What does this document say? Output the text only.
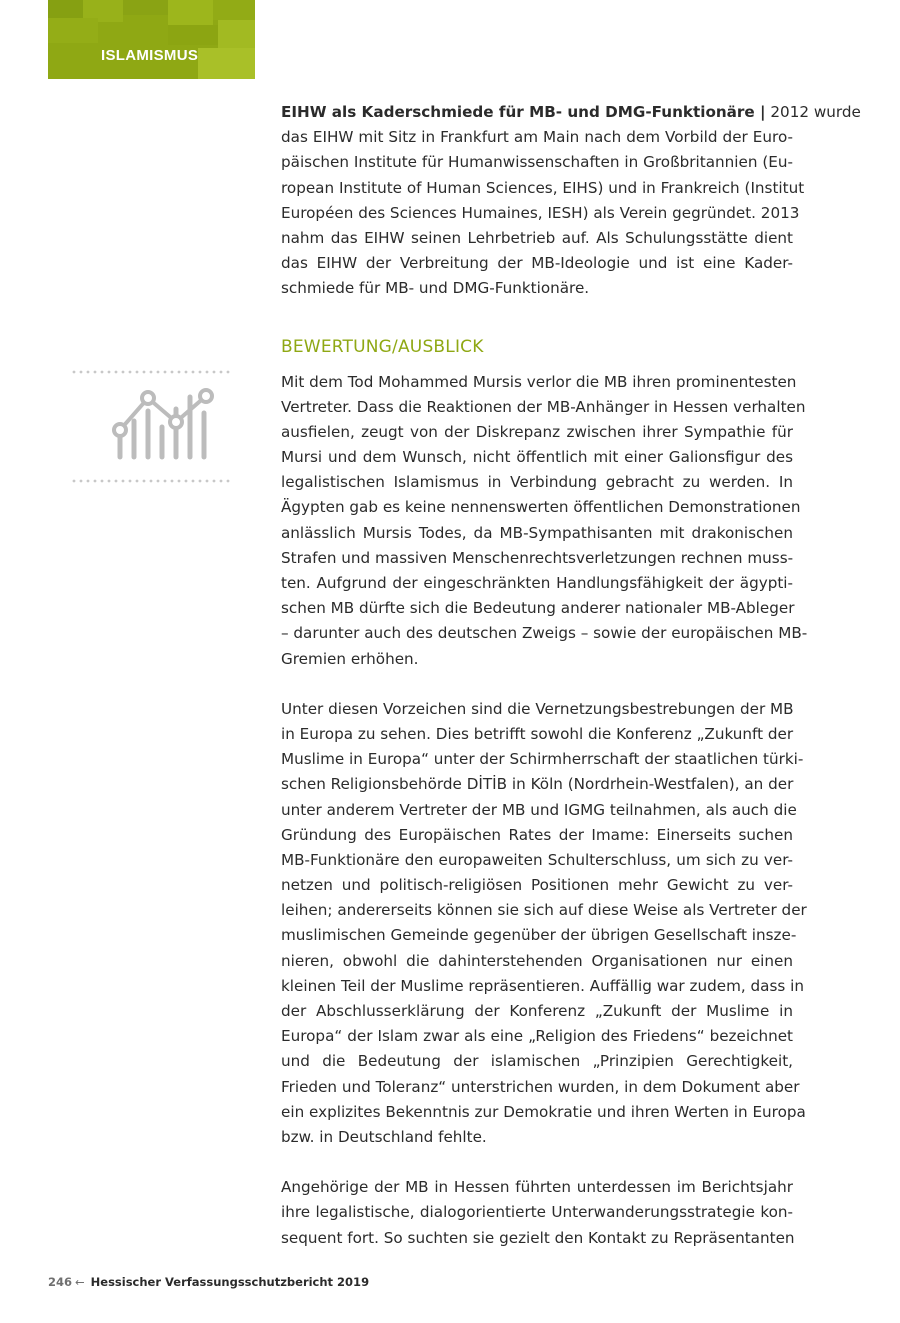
ISLAMISMUS
EIHW als Kaderschmiede für MB- und DMG-Funktionäre | 2012 wurde
das EIHW mit Sitz in Frankfurt am Main nach dem Vorbild der Euro-
päischen Institute für Humanwissenschaften in Großbritannien (Eu-
ropean Institute of Human Sciences, EIHS) und in Frankreich (Institut
Européen des Sciences Humaines, IESH) als Verein gegründet. 2013
nahm das EIHW seinen Lehrbetrieb auf. Als Schulungsstätte dient
das EIHW der Verbreitung der MB-Ideologie und ist eine Kader-
schmiede für MB- und DMG-Funktionäre.
BEWERTUNG/AUSBLICK
Mit dem Tod Mohammed Mursis verlor die MB ihren prominentesten
Vertreter. Dass die Reaktionen der MB-Anhänger in Hessen verhalten
ausfielen, zeugt von der Diskrepanz zwischen ihrer Sympathie für
Mursi und dem Wunsch, nicht öffentlich mit einer Galionsfigur des
legalistischen Islamismus in Verbindung gebracht zu werden. In
Ägypten gab es keine nennenswerten öffentlichen Demonstrationen
anlässlich Mursis Todes, da MB-Sympathisanten mit drakonischen
Strafen und massiven Menschenrechtsverletzungen rechnen muss-
ten. Aufgrund der eingeschränkten Handlungsfähigkeit der ägypti-
schen MB dürfte sich die Bedeutung anderer nationaler MB-Ableger
– darunter auch des deutschen Zweigs – sowie der europäischen MB-
Gremien erhöhen.
Unter diesen Vorzeichen sind die Vernetzungsbestrebungen der MB
in Europa zu sehen. Dies betrifft sowohl die Konferenz „Zukunft der
Muslime in Europa“ unter der Schirmherrschaft der staatlichen türki-
schen Religionsbehörde DİTİB in Köln (Nordrhein-Westfalen), an der
unter anderem Vertreter der MB und IGMG teilnahmen, als auch die
Gründung des Europäischen Rates der Imame: Einerseits suchen
MB-Funktionäre den europaweiten Schulterschluss, um sich zu ver-
netzen und politisch-religiösen Positionen mehr Gewicht zu ver-
leihen; andererseits können sie sich auf diese Weise als Vertreter der
muslimischen Gemeinde gegenüber der übrigen Gesellschaft insze-
nieren, obwohl die dahinterstehenden Organisationen nur einen
kleinen Teil der Muslime repräsentieren. Auffällig war zudem, dass in
der Abschlusserklärung der Konferenz „Zukunft der Muslime in
Europa“ der Islam zwar als eine „Religion des Friedens“ bezeichnet
und die Bedeutung der islamischen „Prinzipien Gerechtigkeit,
Frieden und Toleranz“ unterstrichen wurden, in dem Dokument aber
ein explizites Bekenntnis zur Demokratie und ihren Werten in Europa
bzw. in Deutschland fehlte.
Angehörige der MB in Hessen führten unterdessen im Berichtsjahr
ihre legalistische, dialogorientierte Unterwanderungsstrategie kon-
sequent fort. So suchten sie gezielt den Kontakt zu Repräsentanten
246 ← Hessischer Verfassungsschutzbericht 2019
